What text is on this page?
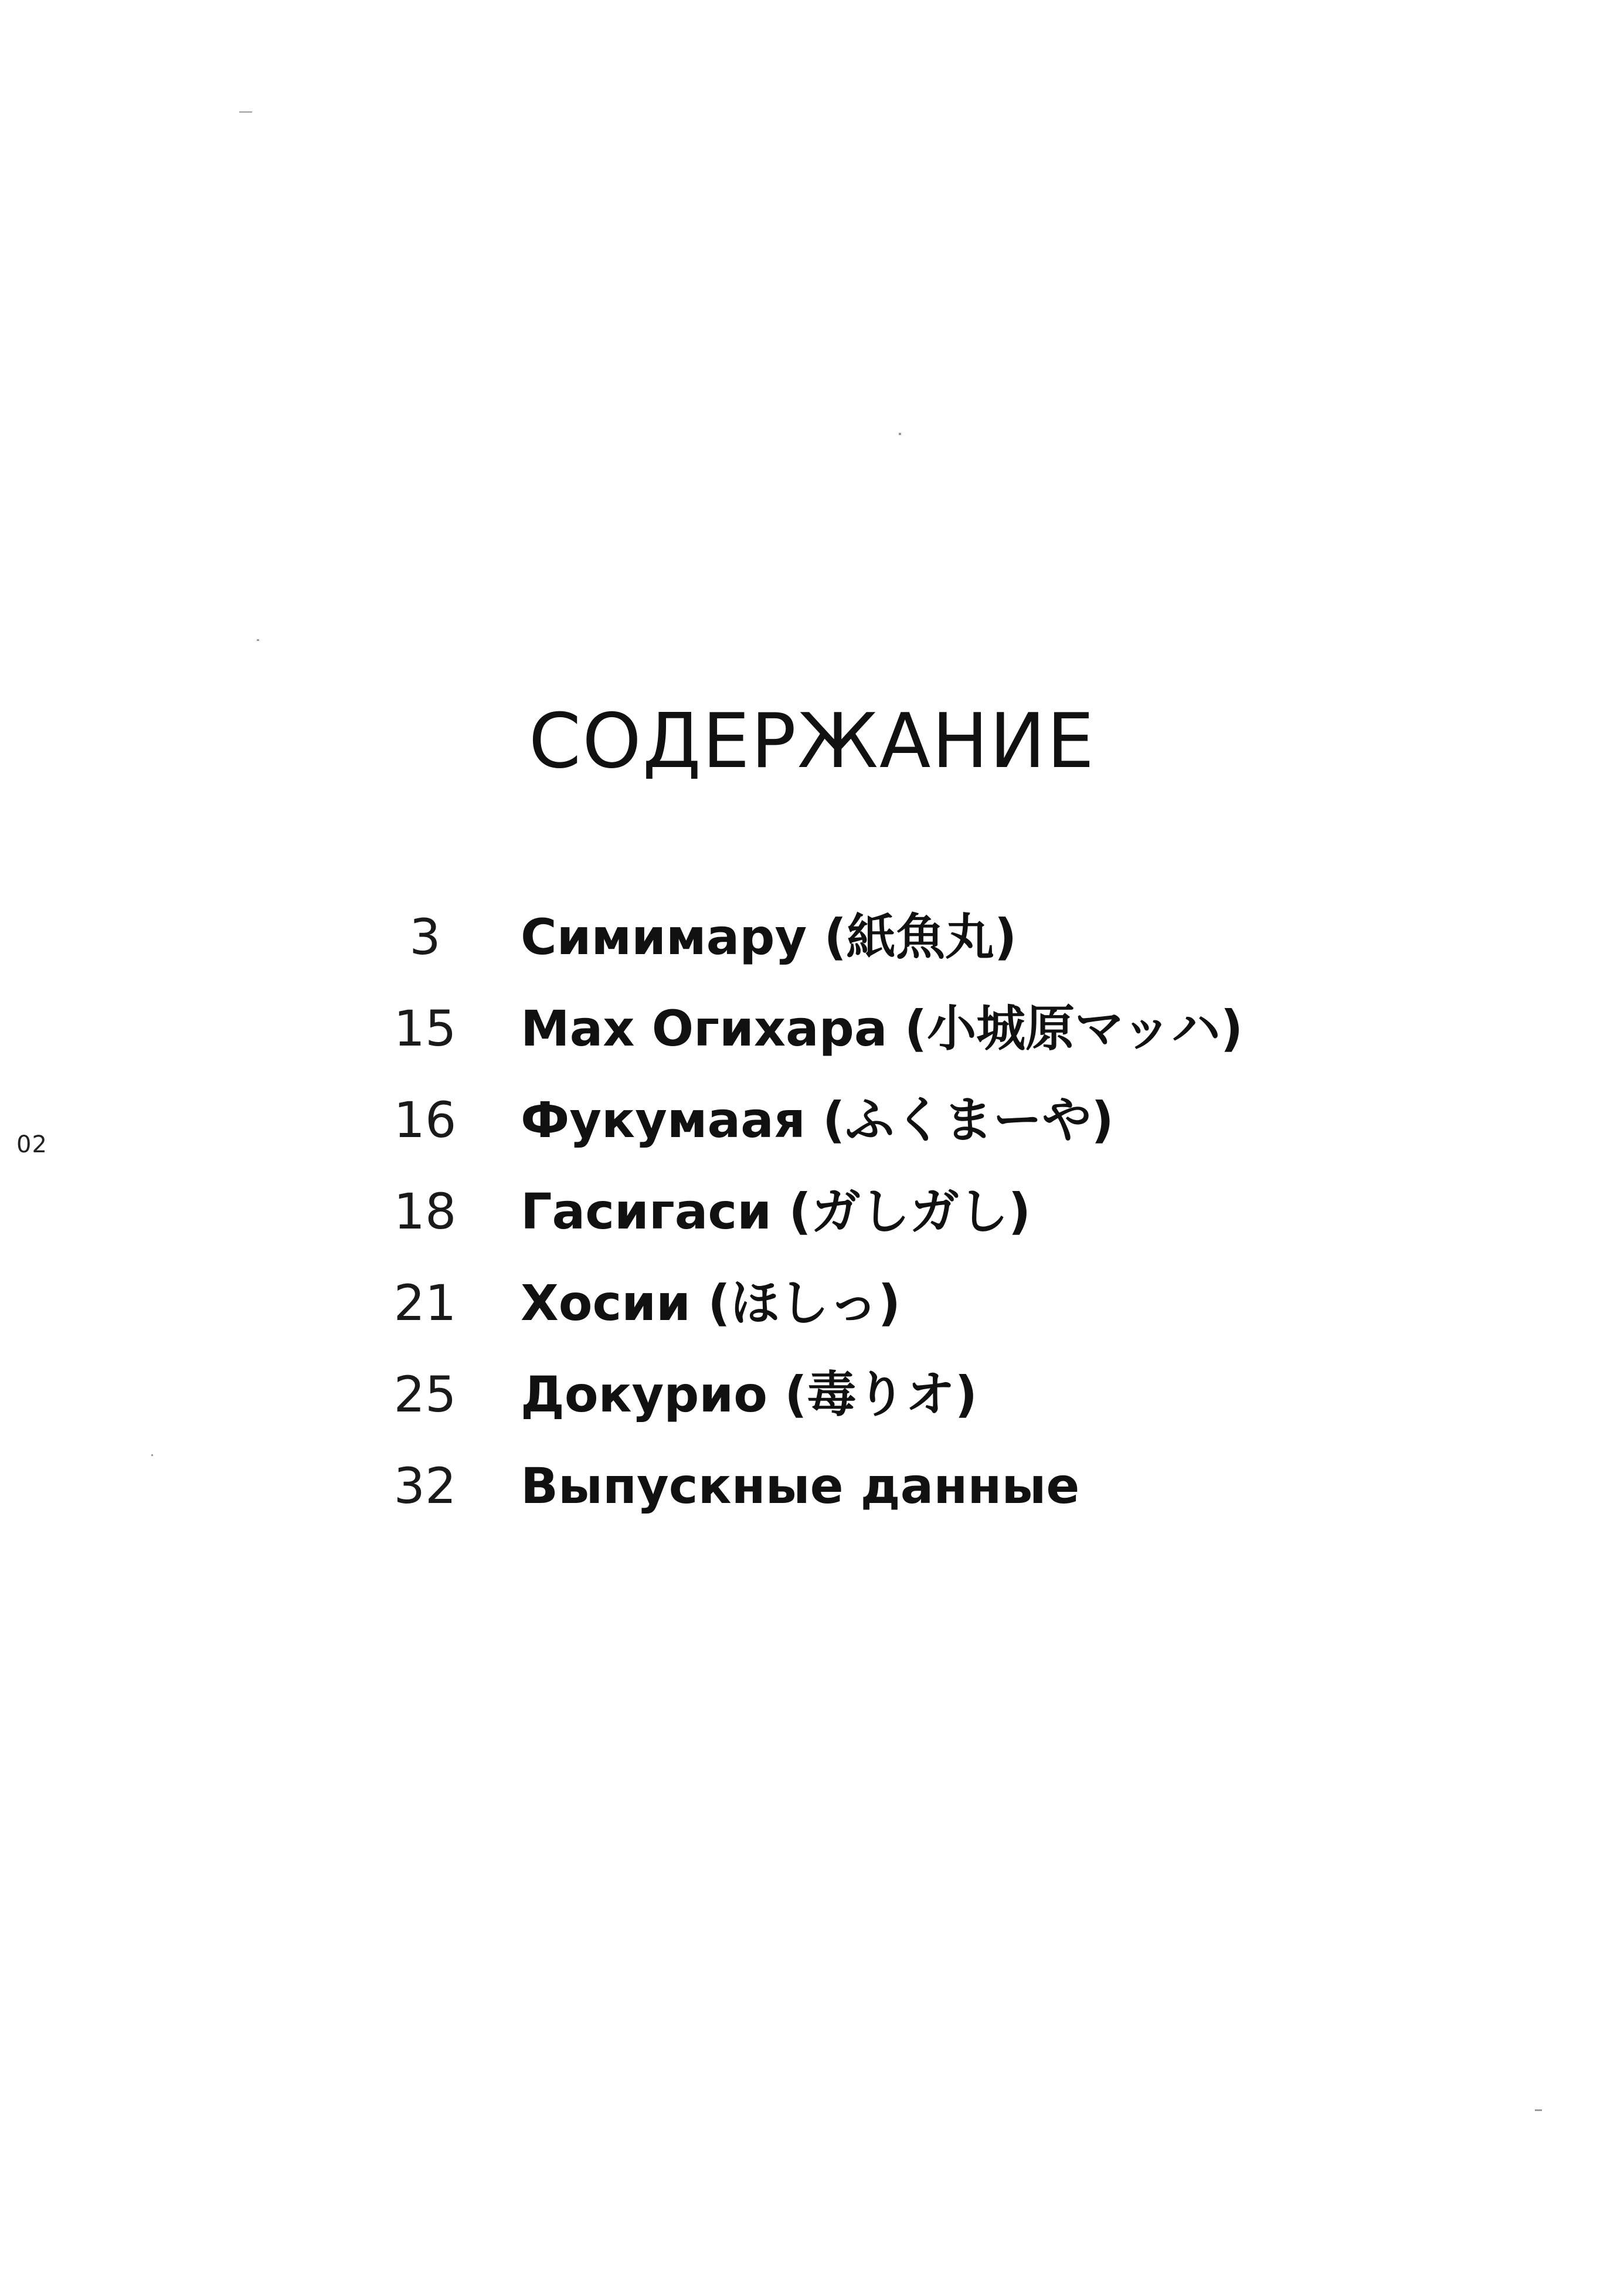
02
СОДЕРЖАНИЕ
3	Симимару (紙魚丸)
15	Max Огихара (小城原マッハ)
16	Фукумаая (ふくまーや)
18	Гасигаси (ガしガし)
21	Хосии (ほしっ)
25	Докурио (毒りオ)
32	Выпускные данные
